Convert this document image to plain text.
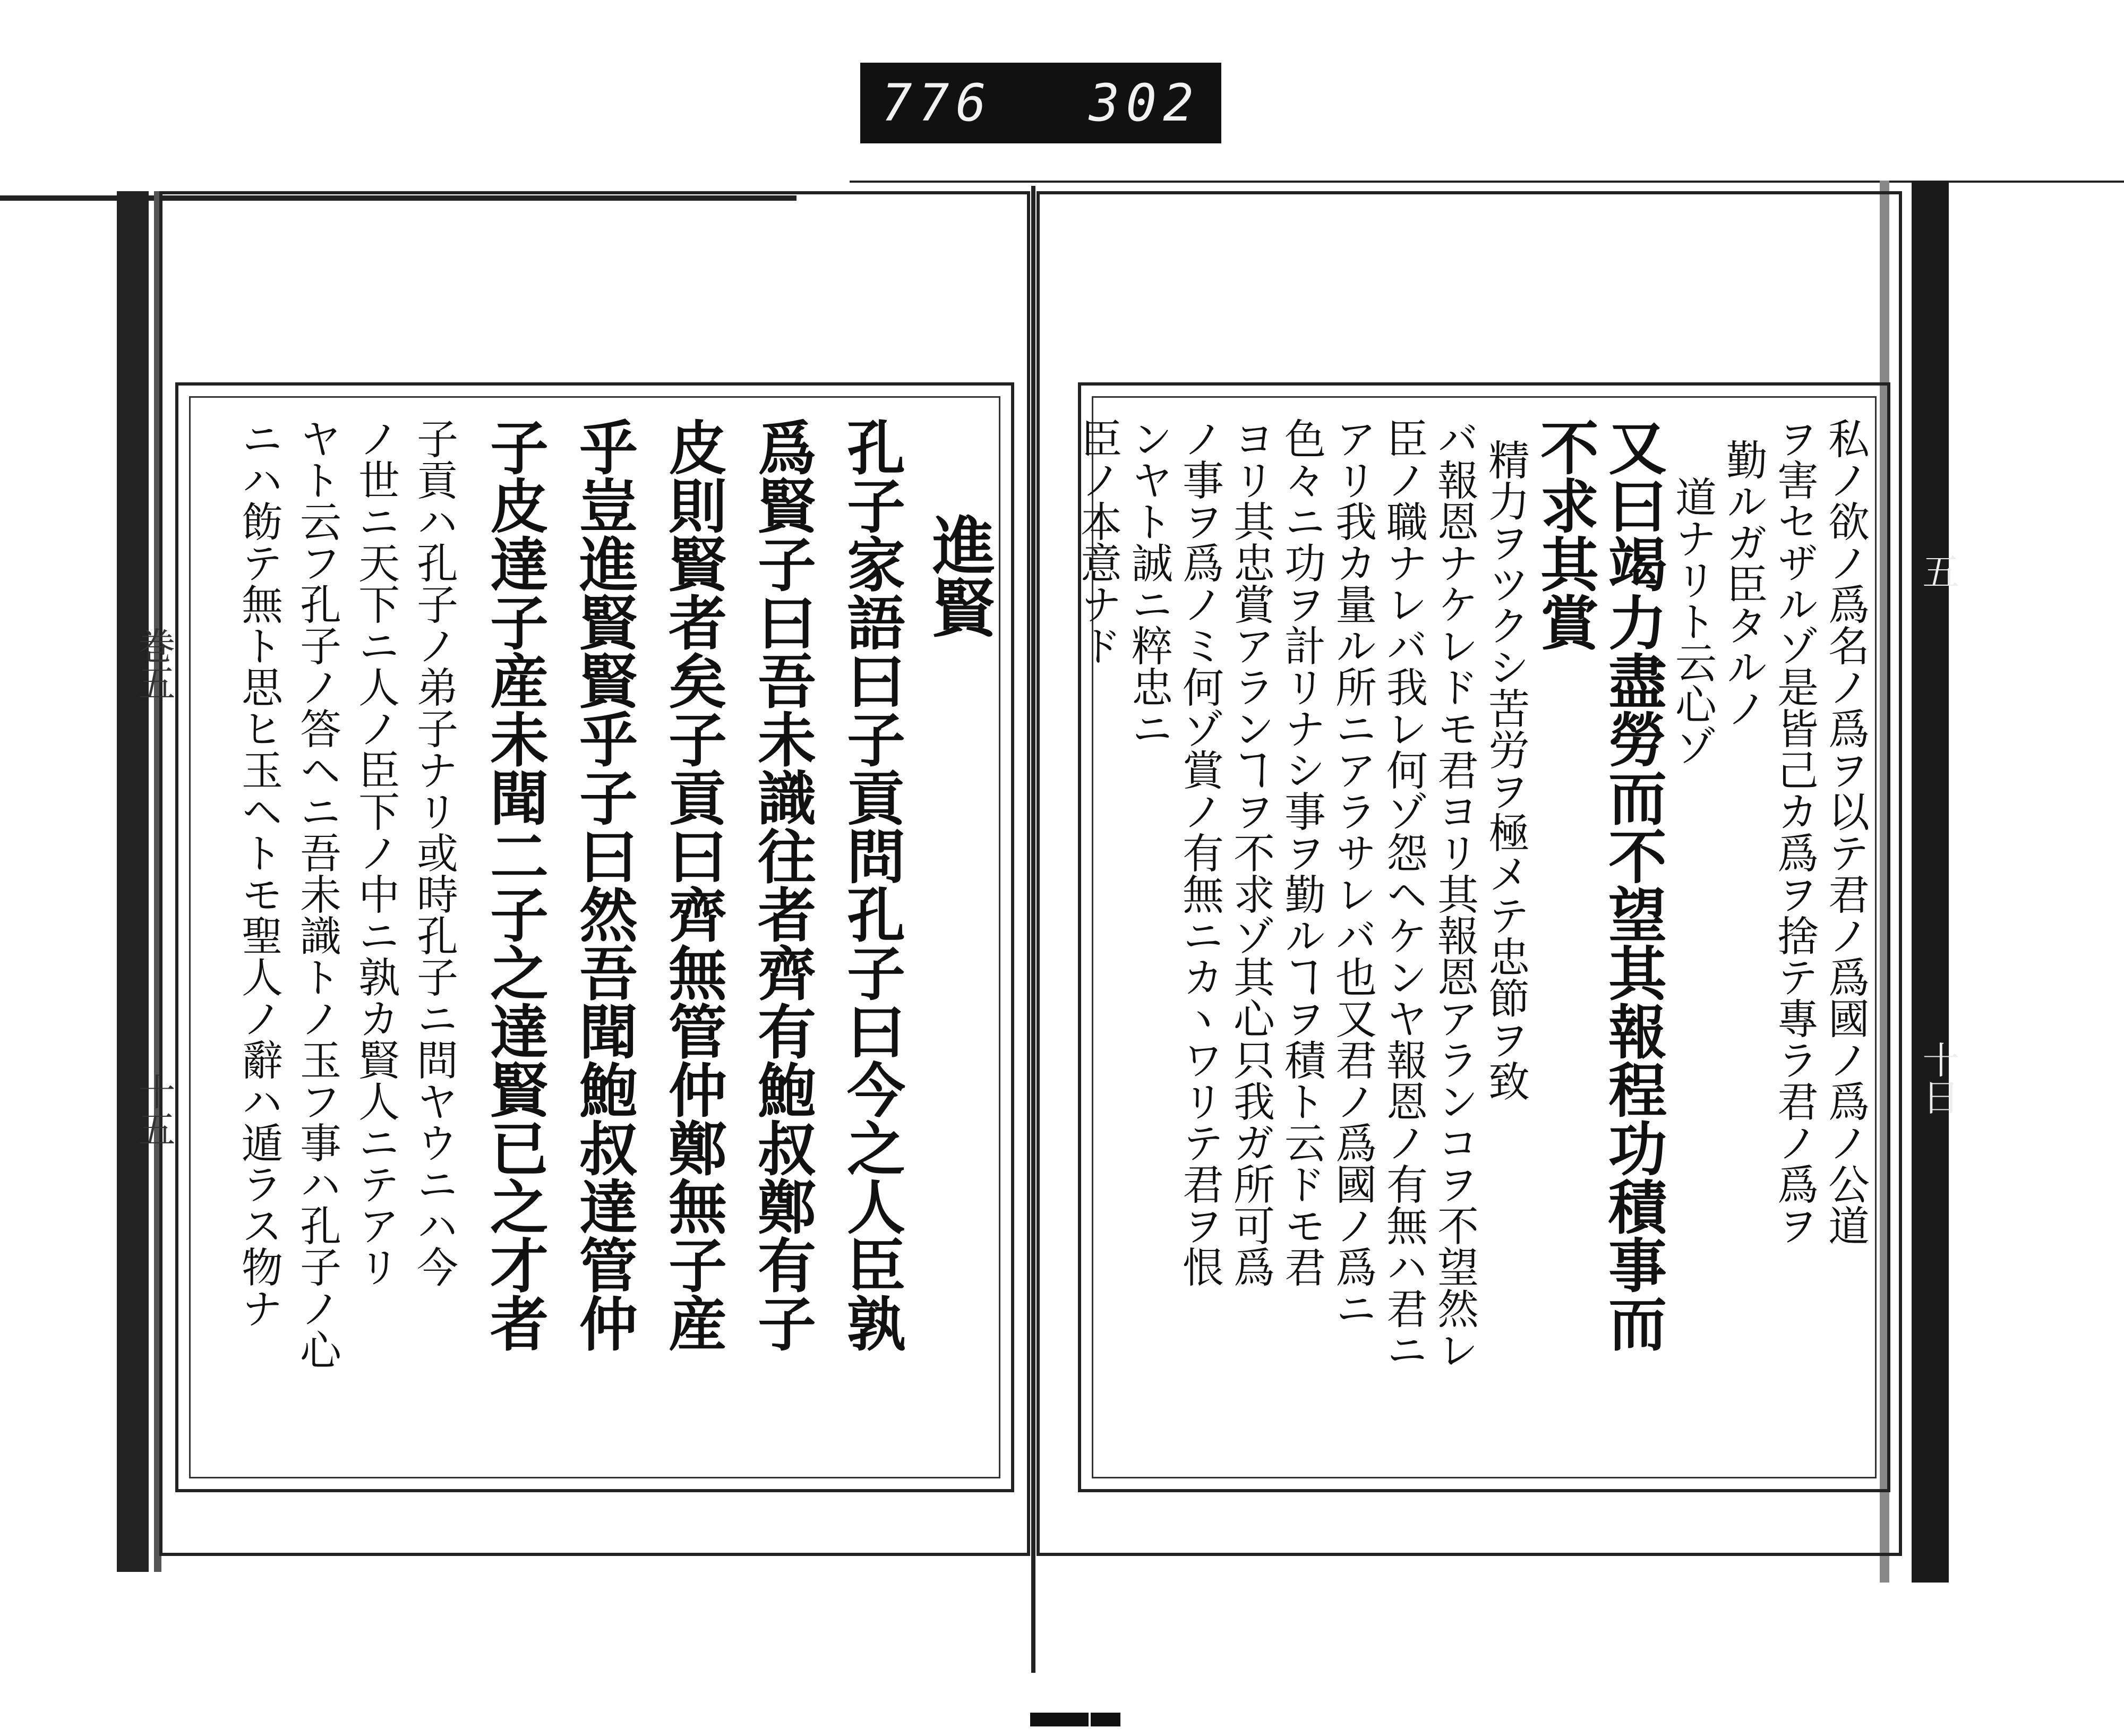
776 302
巻五
十五
五
十日
進賢
孔子家語曰子貢問孔子曰今之人臣孰
爲賢子曰吾未識往者齊有鮑叔鄭有子
皮則賢者矣子貢曰齊無管仲鄭無子産
乎豈進賢賢乎子曰然吾聞鮑叔達管仲
子皮達子産未聞二子之達賢已之才者
子貢ハ孔子ノ弟子ナリ或時孔子ニ問ヤウニハ今
ノ世ニ天下ニ人ノ臣下ノ中ニ孰カ賢人ニテアリ
ヤト云フ孔子ノ答ヘニ吾未識トノ玉フ事ハ孔子ノ心
ニハ飭テ無ト思ヒ玉ヘトモ聖人ノ辭ハ遁ラス物ナ	私ノ欲ノ爲名ノ爲ヲ以テ君ノ爲國ノ爲ノ公道
ヲ害セザルゾ是皆己カ爲ヲ捨テ專ラ君ノ爲ヲ
勤ルガ臣タルノ
道ナリト云心ゾ
又曰竭力盡勞而不望其報程功積事而
不求其賞
精力ヲツクシ苦労ヲ極メテ忠節ヲ致
バ報恩ナケレドモ君ヨリ其報恩アランコヲ不望然レ
臣ノ職ナレバ我レ何ゾ怨ヘケンヤ報恩ノ有無ハ君ニ
アリ我カ量ル所ニアラサレバ也又君ノ爲國ノ爲ニ
色々ニ功ヲ計リナシ事ヲ勤ルヿヲ積ト云ドモ君
ヨリ其忠賞アランヿヲ不求ゾ其心只我ガ所可爲
ノ事ヲ爲ノミ何ゾ賞ノ有無ニカヽワリテ君ヲ恨
ンヤト誠ニ粹忠ニ
臣ノ本意ナド
